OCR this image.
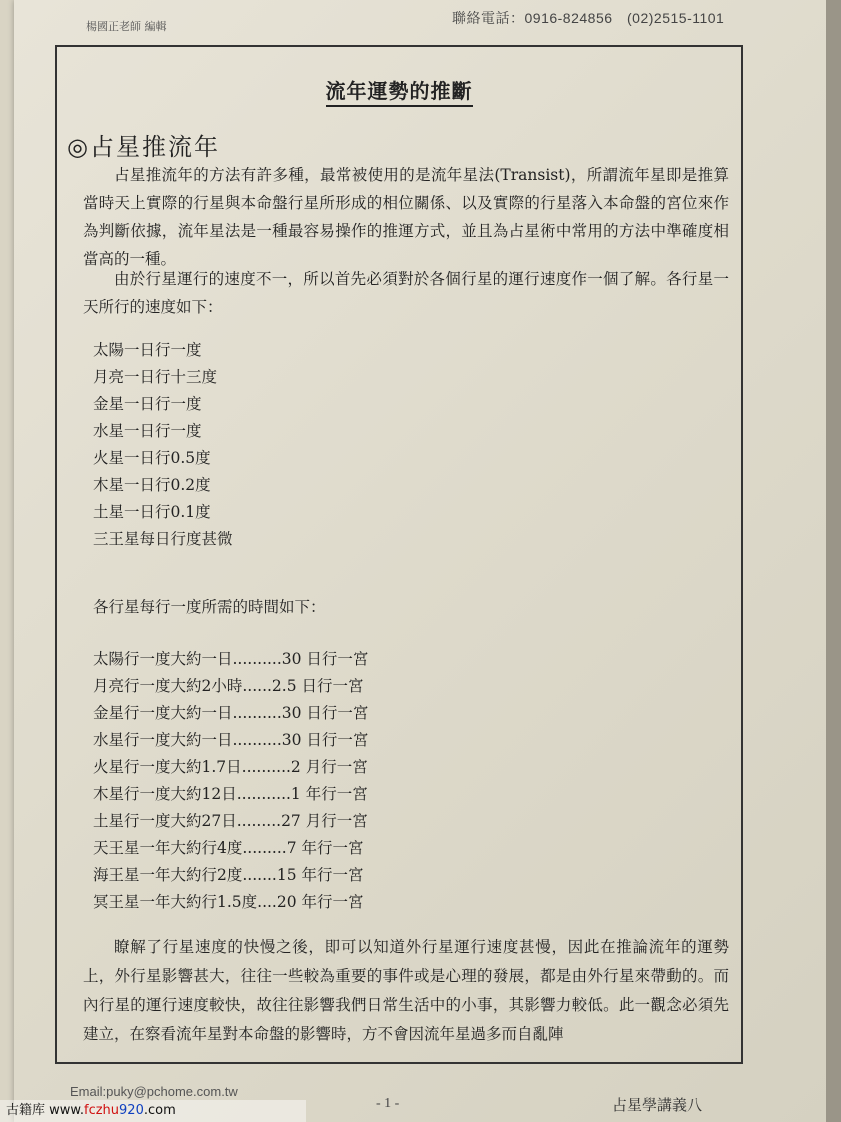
楊國正老師 編輯
聯絡電話：0916-824856　(02)2515-1101
流年運勢的推斷
◎占星推流年
占星推流年的方法有許多種，最常被使用的是流年星法(Transist)，所謂流年星即是推算當時天上實際的行星與本命盤行星所形成的相位關係、以及實際的行星落入本命盤的宮位來作為判斷依據，流年星法是一種最容易操作的推運方式，並且為占星術中常用的方法中準確度相當高的一種。
由於行星運行的速度不一，所以首先必須對於各個行星的運行速度作一個了解。各行星一天所行的速度如下：
太陽一日行一度
月亮一日行十三度
金星一日行一度
水星一日行一度
火星一日行0.5度
木星一日行0.2度
土星一日行0.1度
三王星每日行度甚微
各行星每行一度所需的時間如下：
太陽行一度大約一日..........30 日行一宮
月亮行一度大約2小時......2.5 日行一宮
金星行一度大約一日..........30 日行一宮
水星行一度大約一日..........30 日行一宮
火星行一度大約1.7日..........2 月行一宮
木星行一度大約12日...........1 年行一宮
土星行一度大約27日.........27 月行一宮
天王星一年大約行4度.........7 年行一宮
海王星一年大約行2度.......15 年行一宮
冥王星一年大約行1.5度....20 年行一宮
瞭解了行星速度的快慢之後，即可以知道外行星運行速度甚慢，因此在推論流年的運勢上，外行星影響甚大，往往一些較為重要的事件或是心理的發展，都是由外行星來帶動的。而內行星的運行速度較快，故往往影響我們日常生活中的小事，其影響力較低。此一觀念必須先建立，在察看流年星對本命盤的影響時，方不會因流年星過多而自亂陣
Email:puky@pchome.com.tw
- 1 -	占星學講義八
古籍库 www.fczhu920.com
